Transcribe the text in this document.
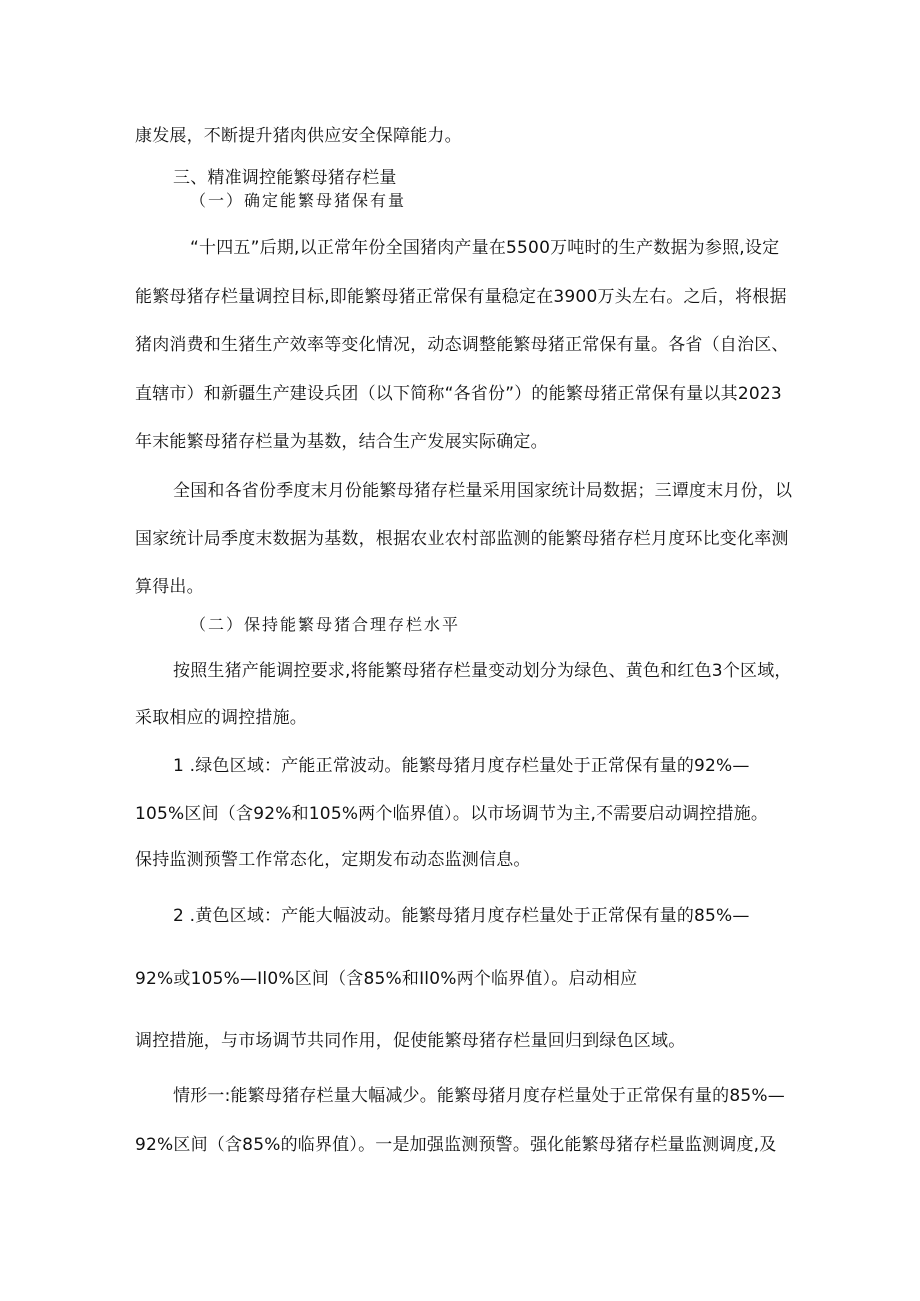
康发展，不断提升猪肉供应安全保障能力。
三、精准调控能繁母猪存栏量
（一）确定能繁母猪保有量
“十四五”后期,以正常年份全国猪肉产量在5500万吨时的生产数据为参照,设定
能繁母猪存栏量调控目标,即能繁母猪正常保有量稳定在3900万头左右。之后，将根据
猪肉消费和生猪生产效率等变化情况，动态调整能繁母猪正常保有量。各省（自治区、
直辖市）和新疆生产建设兵团（以下简称“各省份”）的能繁母猪正常保有量以其2023
年末能繁母猪存栏量为基数，结合生产发展实际确定。
全国和各省份季度末月份能繁母猪存栏量采用国家统计局数据；三谭度末月份，以
国家统计局季度末数据为基数，根据农业农村部监测的能繁母猪存栏月度环比变化率测
算得出。
（二）保持能繁母猪合理存栏水平
按照生猪产能调控要求,将能繁母猪存栏量变动划分为绿色、黄色和红色3个区域，
采取相应的调控措施。
1 .绿色区域：产能正常波动。能繁母猪月度存栏量处于正常保有量的92%—
105%区间（含92%和105%两个临界值）。以市场调节为主,不需要启动调控措施。
保持监测预警工作常态化，定期发布动态监测信息。
2 .黄色区域：产能大幅波动。能繁母猪月度存栏量处于正常保有量的85%—
92%或105%—Il0%区间（含85%和Il0%两个临界值）。启动相应
调控措施，与市场调节共同作用，促使能繁母猪存栏量回归到绿色区域。
情形一:能繁母猪存栏量大幅减少。能繁母猪月度存栏量处于正常保有量的85%—
92%区间（含85%的临界值）。一是加强监测预警。强化能繁母猪存栏量监测调度,及
